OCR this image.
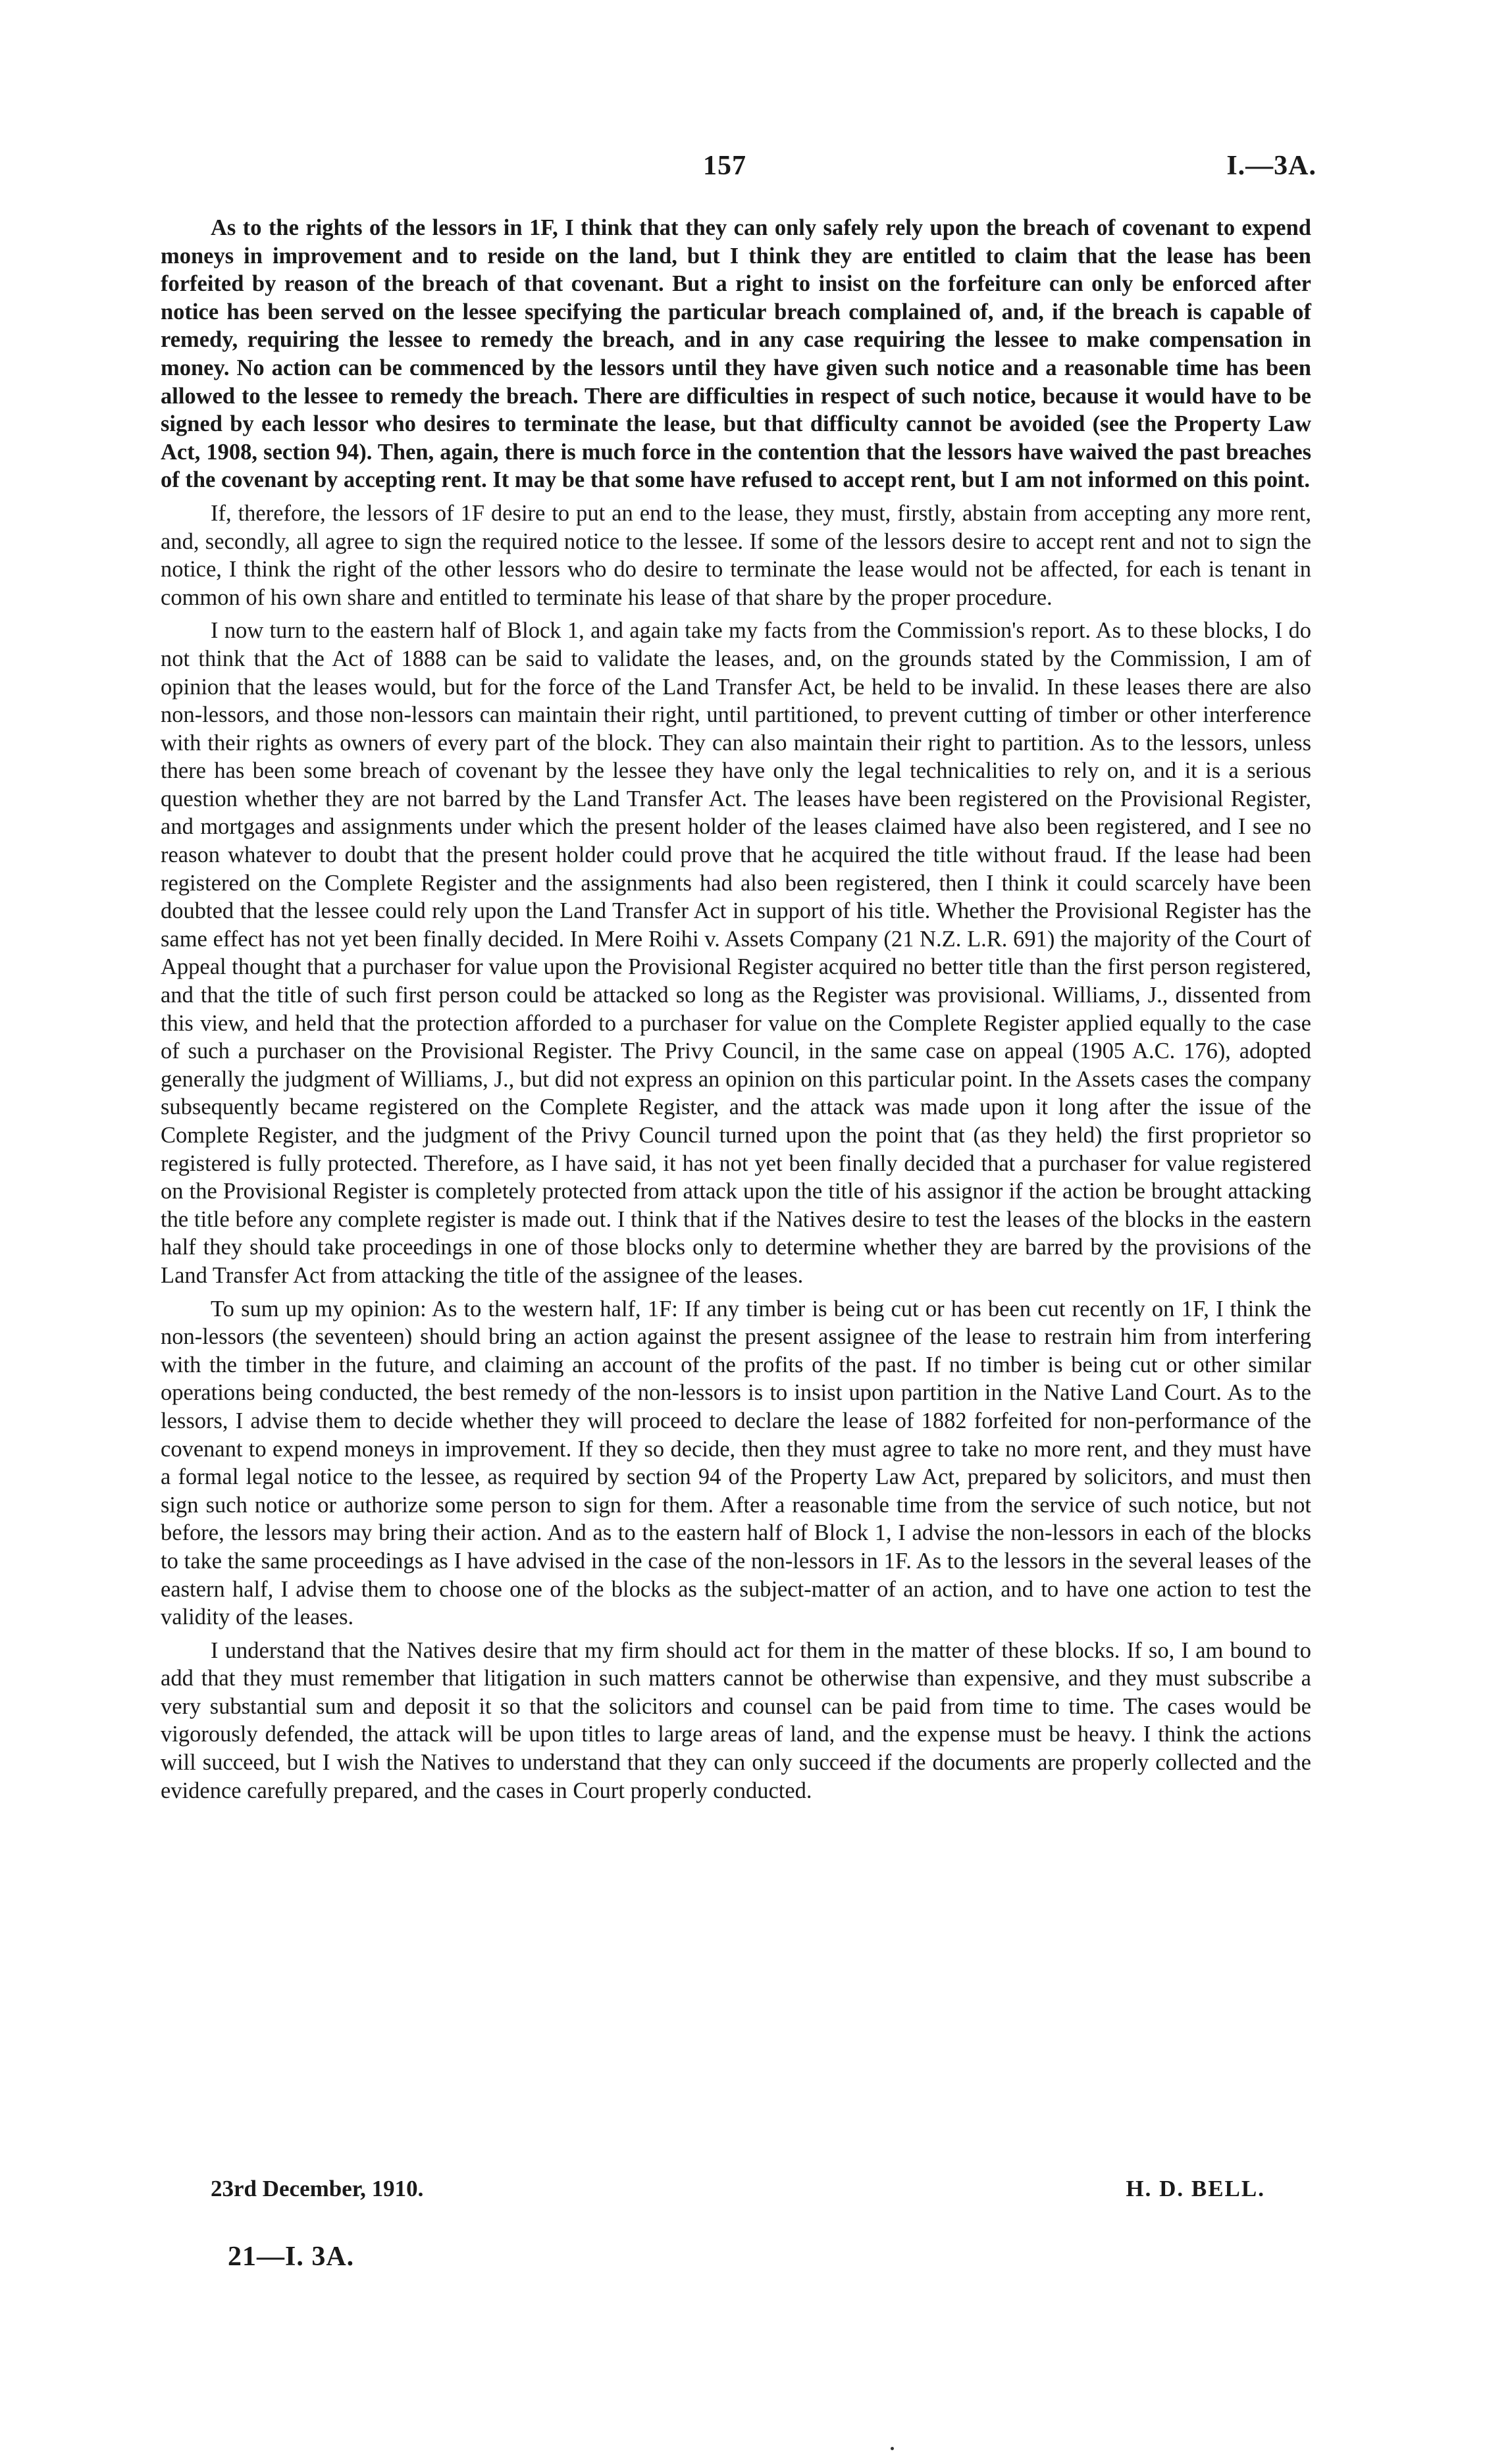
157	I.—3A.

As to the rights of the lessors in 1F, I think that they can only safely rely upon the breach of covenant to expend moneys in improvement and to reside on the land, but I think they are entitled to claim that the lease has been forfeited by reason of the breach of that covenant. But a right to insist on the forfeiture can only be enforced after notice has been served on the lessee specifying the particular breach complained of, and, if the breach is capable of remedy, requiring the lessee to remedy the breach, and in any case requiring the lessee to make compensation in money. No action can be commenced by the lessors until they have given such notice and a reasonable time has been allowed to the lessee to remedy the breach. There are difficulties in respect of such notice, because it would have to be signed by each lessor who desires to terminate the lease, but that difficulty cannot be avoided (see the Property Law Act, 1908, section 94). Then, again, there is much force in the contention that the lessors have waived the past breaches of the covenant by accepting rent. It may be that some have refused to accept rent, but I am not informed on this point.

If, therefore, the lessors of 1F desire to put an end to the lease, they must, firstly, abstain from accepting any more rent, and, secondly, all agree to sign the required notice to the lessee. If some of the lessors desire to accept rent and not to sign the notice, I think the right of the other lessors who do desire to terminate the lease would not be affected, for each is tenant in common of his own share and entitled to terminate his lease of that share by the proper procedure.

I now turn to the eastern half of Block 1, and again take my facts from the Commission's report. As to these blocks, I do not think that the Act of 1888 can be said to validate the leases, and, on the grounds stated by the Commission, I am of opinion that the leases would, but for the force of the Land Transfer Act, be held to be invalid. In these leases there are also non-lessors, and those non-lessors can maintain their right, until partitioned, to prevent cutting of timber or other interference with their rights as owners of every part of the block. They can also maintain their right to partition. As to the lessors, unless there has been some breach of covenant by the lessee they have only the legal technicalities to rely on, and it is a serious question whether they are not barred by the Land Transfer Act. The leases have been registered on the Provisional Register, and mortgages and assignments under which the present holder of the leases claimed have also been registered, and I see no reason whatever to doubt that the present holder could prove that he acquired the title without fraud. If the lease had been registered on the Complete Register and the assignments had also been registered, then I think it could scarcely have been doubted that the lessee could rely upon the Land Transfer Act in support of his title. Whether the Provisional Register has the same effect has not yet been finally decided. In Mere Roihi v. Assets Company (21 N.Z. L.R. 691) the majority of the Court of Appeal thought that a purchaser for value upon the Provisional Register acquired no better title than the first person registered, and that the title of such first person could be attacked so long as the Register was provisional. Williams, J., dissented from this view, and held that the protection afforded to a purchaser for value on the Complete Register applied equally to the case of such a purchaser on the Provisional Register. The Privy Council, in the same case on appeal (1905 A.C. 176), adopted generally the judgment of Williams, J., but did not express an opinion on this particular point. In the Assets cases the company subsequently became registered on the Complete Register, and the attack was made upon it long after the issue of the Complete Register, and the judgment of the Privy Council turned upon the point that (as they held) the first proprietor so registered is fully protected. Therefore, as I have said, it has not yet been finally decided that a purchaser for value registered on the Provisional Register is completely protected from attack upon the title of his assignor if the action be brought attacking the title before any complete register is made out. I think that if the Natives desire to test the leases of the blocks in the eastern half they should take proceedings in one of those blocks only to determine whether they are barred by the provisions of the Land Transfer Act from attacking the title of the assignee of the leases.

To sum up my opinion: As to the western half, 1F: If any timber is being cut or has been cut recently on 1F, I think the non-lessors (the seventeen) should bring an action against the present assignee of the lease to restrain him from interfering with the timber in the future, and claiming an account of the profits of the past. If no timber is being cut or other similar operations being conducted, the best remedy of the non-lessors is to insist upon partition in the Native Land Court. As to the lessors, I advise them to decide whether they will proceed to declare the lease of 1882 forfeited for non-performance of the covenant to expend moneys in improvement. If they so decide, then they must agree to take no more rent, and they must have a formal legal notice to the lessee, as required by section 94 of the Property Law Act, prepared by solicitors, and must then sign such notice or authorize some person to sign for them. After a reasonable time from the service of such notice, but not before, the lessors may bring their action. And as to the eastern half of Block 1, I advise the non-lessors in each of the blocks to take the same proceedings as I have advised in the case of the non-lessors in 1F. As to the lessors in the several leases of the eastern half, I advise them to choose one of the blocks as the subject-matter of an action, and to have one action to test the validity of the leases.

I understand that the Natives desire that my firm should act for them in the matter of these blocks. If so, I am bound to add that they must remember that litigation in such matters cannot be otherwise than expensive, and they must subscribe a very substantial sum and deposit it so that the solicitors and counsel can be paid from time to time. The cases would be vigorously defended, the attack will be upon titles to large areas of land, and the expense must be heavy. I think the actions will succeed, but I wish the Natives to understand that they can only succeed if the documents are properly collected and the evidence carefully prepared, and the cases in Court properly conducted.

23rd December, 1910.	H. D. BELL.
21—I. 3A.
